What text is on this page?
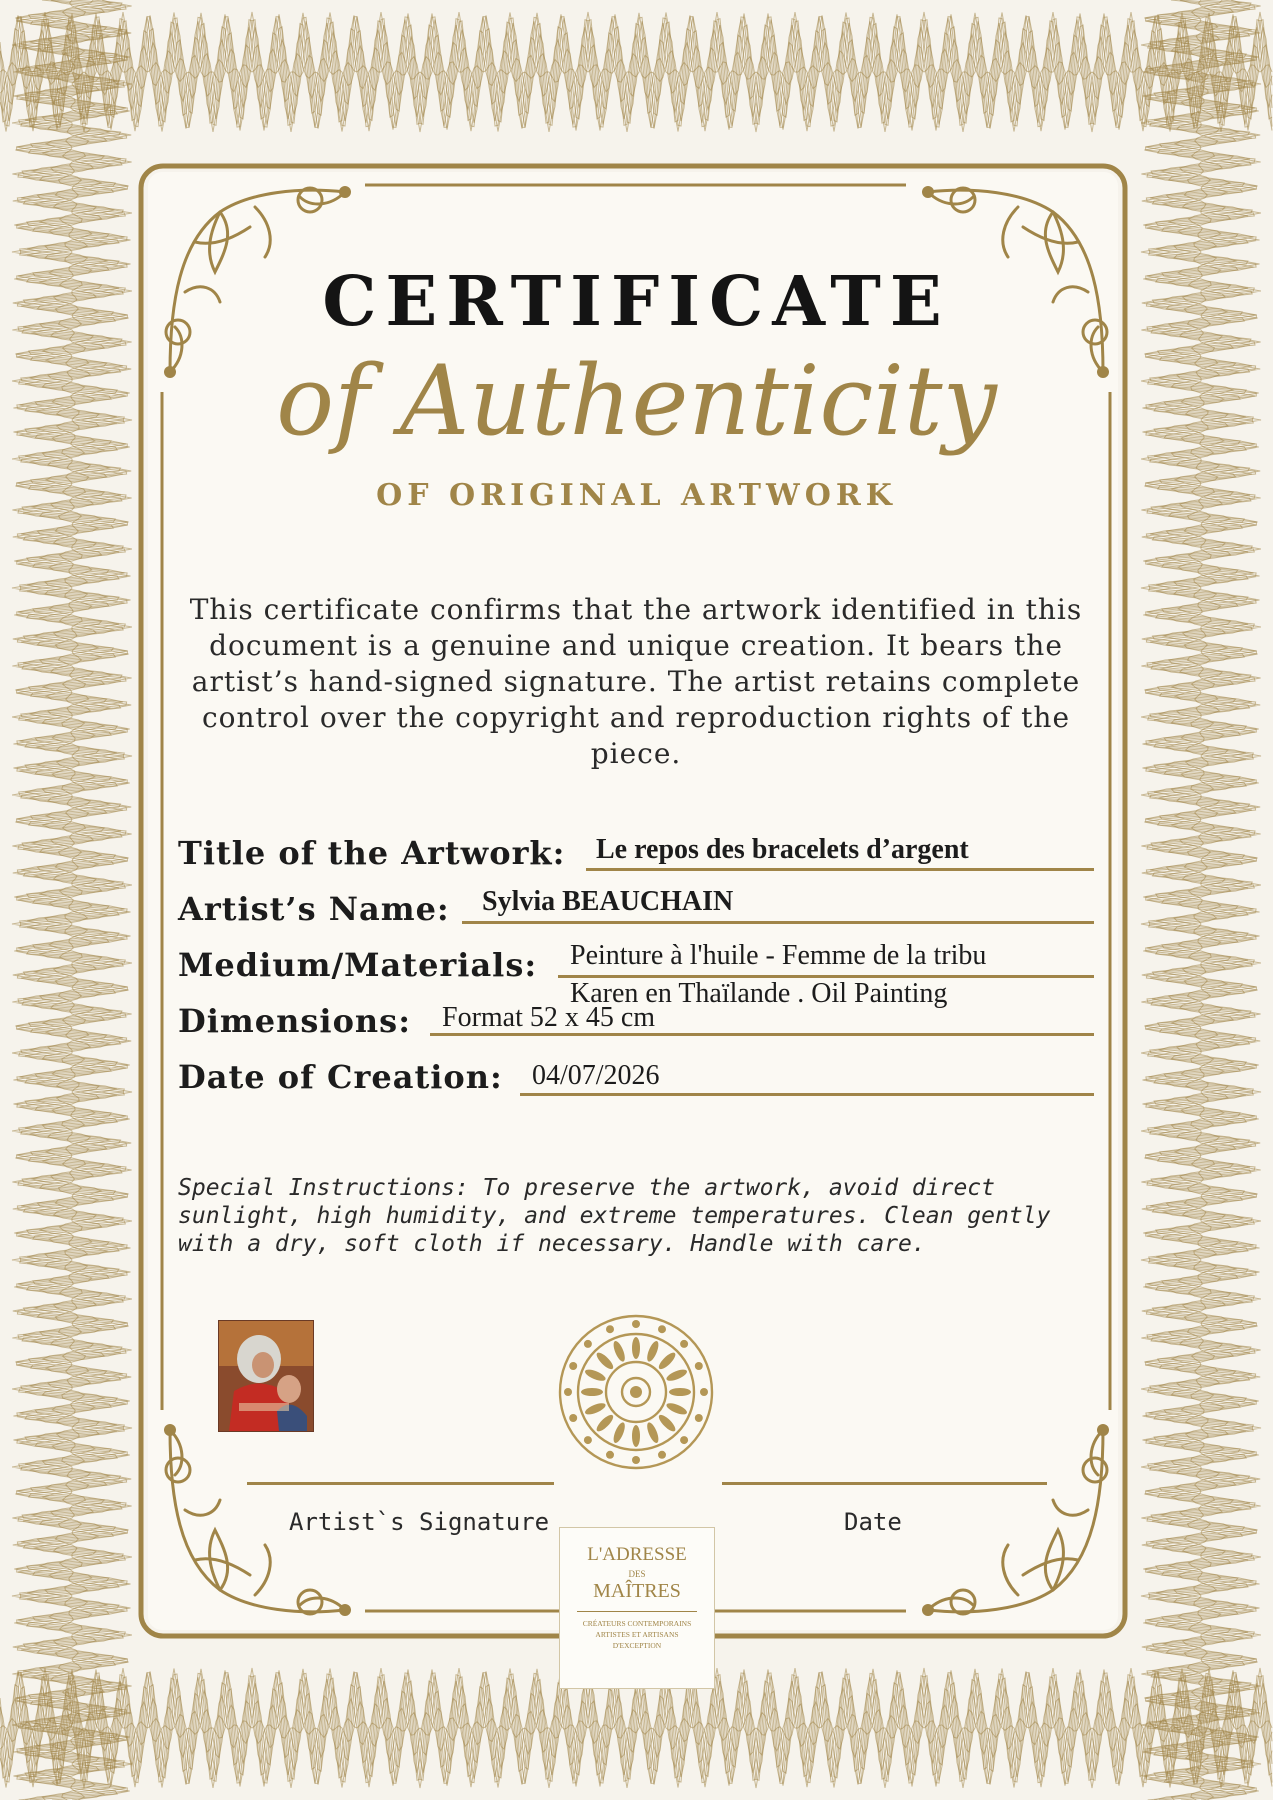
CERTIFICATE
of Authenticity
OF ORIGINAL ARTWORK
This certificate confirms that the artwork identified in this document is a genuine and unique creation. It bears the artist’s hand-signed signature. The artist retains complete control over the copyright and reproduction rights of the piece.
Title of the Artwork: Le repos des bracelets d’argent
Artist’s Name: Sylvia BEAUCHAIN
Medium/Materials: Peinture à l'huile - Femme de la tribu
Karen en Thaïlande . Oil Painting
Dimensions: Format 52 x 45 cm
Date of Creation: 04/07/2026
Special Instructions: To preserve the artwork, avoid direct sunlight, high humidity, and extreme temperatures. Clean gently with a dry, soft cloth if necessary. Handle with care.
Artist`s Signature	Date
L'ADRESSE
DES
MAÎTRES
CRÉATEURS CONTEMPORAINS
ARTISTES ET ARTISANS
D'EXCEPTION
